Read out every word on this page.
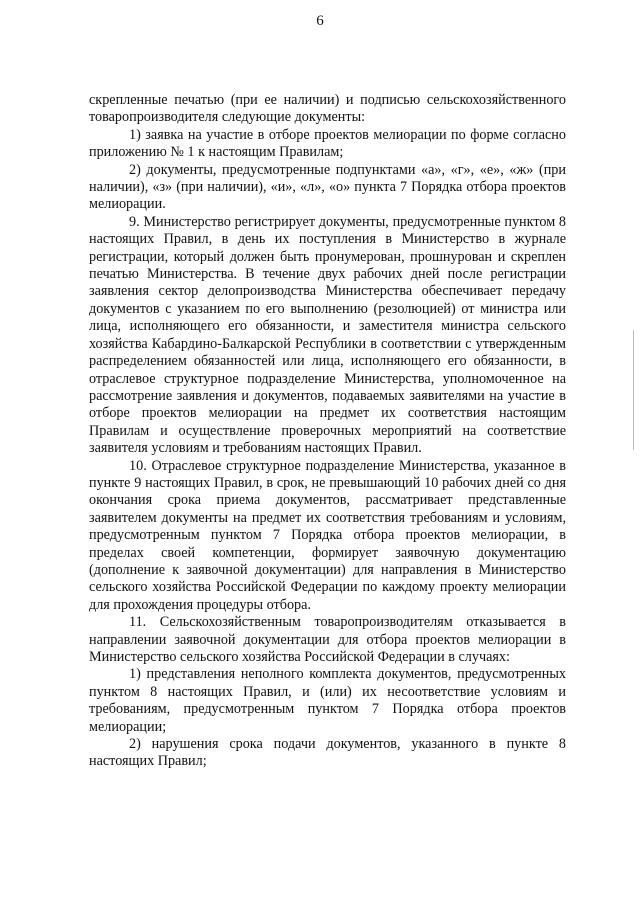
6

скрепленные печатью (при ее наличии) и подписью сельскохозяйственного товаропроизводителя следующие документы:

1) заявка на участие в отборе проектов мелиорации по форме согласно приложению № 1 к настоящим Правилам;

2) документы, предусмотренные подпунктами «а», «г», «е», «ж» (при наличии), «з» (при наличии), «и», «л», «о» пункта 7 Порядка отбора проектов мелиорации.

9. Министерство регистрирует документы, предусмотренные пунктом 8 настоящих Правил, в день их поступления в Министерство в журнале регистрации, который должен быть пронумерован, прошнурован и скреплен печатью Министерства. В течение двух рабочих дней после регистрации заявления сектор делопроизводства Министерства обеспечивает передачу документов с указанием по его выполнению (резолюцией) от министра или лица, исполняющего его обязанности, и заместителя министра сельского хозяйства Кабардино-Балкарской Республики в соответствии с утвержденным распределением обязанностей или лица, исполняющего его обязанности, в отраслевое структурное подразделение Министерства, уполномоченное на рассмотрение заявления и документов, подаваемых заявителями на участие в отборе проектов мелиорации на предмет их соответствия настоящим Правилам и осуществление проверочных мероприятий на соответствие заявителя условиям и требованиям настоящих Правил.

10. Отраслевое структурное подразделение Министерства, указанное в пункте 9 настоящих Правил, в срок, не превышающий 10 рабочих дней со дня окончания срока приема документов, рассматривает представленные заявителем документы на предмет их соответствия требованиям и условиям, предусмотренным пунктом 7 Порядка отбора проектов мелиорации, в пределах своей компетенции, формирует заявочную документацию (дополнение к заявочной документации) для направления в Министерство сельского хозяйства Российской Федерации по каждому проекту мелиорации для прохождения процедуры отбора.

11. Сельскохозяйственным товаропроизводителям отказывается в направлении заявочной документации для отбора проектов мелиорации в Министерство сельского хозяйства Российской Федерации в случаях:

1) представления неполного комплекта документов, предусмотренных пунктом 8 настоящих Правил, и (или) их несоответствие условиям и требованиям, предусмотренным пунктом 7 Порядка отбора проектов мелиорации;

2) нарушения срока подачи документов, указанного в пункте 8 настоящих Правил;
